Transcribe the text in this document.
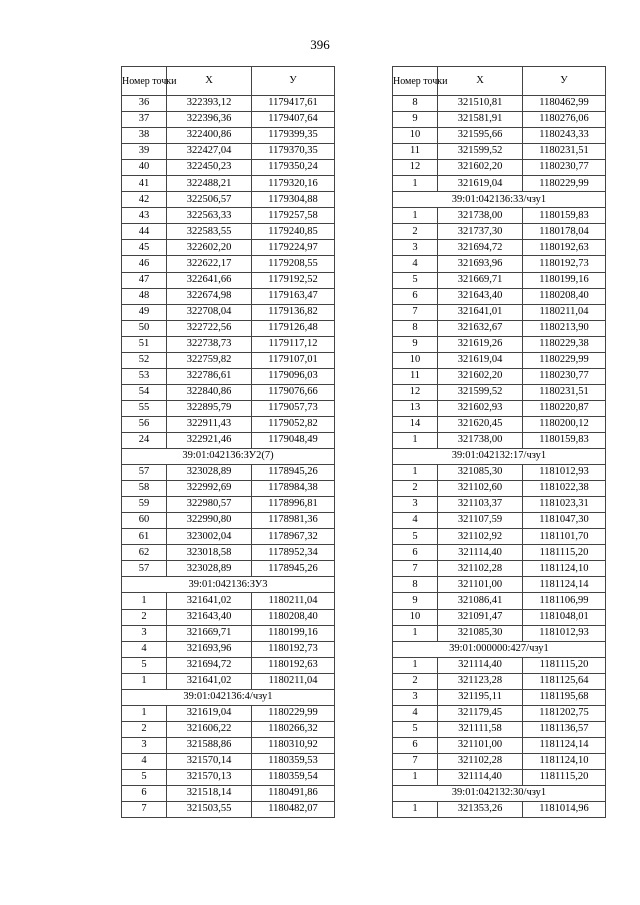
396
Номер точки	Х	У
36	322393,12	1179417,61
37	322396,36	1179407,64
38	322400,86	1179399,35
39	322427,04	1179370,35
40	322450,23	1179350,24
41	322488,21	1179320,16
42	322506,57	1179304,88
43	322563,33	1179257,58
44	322583,55	1179240,85
45	322602,20	1179224,97
46	322622,17	1179208,55
47	322641,66	1179192,52
48	322674,98	1179163,47
49	322708,04	1179136,82
50	322722,56	1179126,48
51	322738,73	1179117,12
52	322759,82	1179107,01
53	322786,61	1179096,03
54	322840,86	1179076,66
55	322895,79	1179057,73
56	322911,43	1179052,82
24	322921,46	1179048,49
39:01:042136:ЗУ2(7)		
57	323028,89	1178945,26
58	322992,69	1178984,38
59	322980,57	1178996,81
60	322990,80	1178981,36
61	323002,04	1178967,32
62	323018,58	1178952,34
57	323028,89	1178945,26
39:01:042136:ЗУ3		
1	321641,02	1180211,04
2	321643,40	1180208,40
3	321669,71	1180199,16
4	321693,96	1180192,73
5	321694,72	1180192,63
1	321641,02	1180211,04
39:01:042136:4/чзу1		
1	321619,04	1180229,99
2	321606,22	1180266,32
3	321588,86	1180310,92
4	321570,14	1180359,53
5	321570,13	1180359,54
6	321518,14	1180491,86
7	321503,55	1180482,07
Номер точки	Х	У
8	321510,81	1180462,99
9	321581,91	1180276,06
10	321595,66	1180243,33
11	321599,52	1180231,51
12	321602,20	1180230,77
1	321619,04	1180229,99
39:01:042136:33/чзу1		
1	321738,00	1180159,83
2	321737,30	1180178,04
3	321694,72	1180192,63
4	321693,96	1180192,73
5	321669,71	1180199,16
6	321643,40	1180208,40
7	321641,01	1180211,04
8	321632,67	1180213,90
9	321619,26	1180229,38
10	321619,04	1180229,99
11	321602,20	1180230,77
12	321599,52	1180231,51
13	321602,93	1180220,87
14	321620,45	1180200,12
1	321738,00	1180159,83
39:01:042132:17/чзу1		
1	321085,30	1181012,93
2	321102,60	1181022,38
3	321103,37	1181023,31
4	321107,59	1181047,30
5	321102,92	1181101,70
6	321114,40	1181115,20
7	321102,28	1181124,10
8	321101,00	1181124,14
9	321086,41	1181106,99
10	321091,47	1181048,01
1	321085,30	1181012,93
39:01:000000:427/чзу1		
1	321114,40	1181115,20
2	321123,28	1181125,64
3	321195,11	1181195,68
4	321179,45	1181202,75
5	321111,58	1181136,57
6	321101,00	1181124,14
7	321102,28	1181124,10
1	321114,40	1181115,20
39:01:042132:30/чзу1		
1	321353,26	1181014,96
